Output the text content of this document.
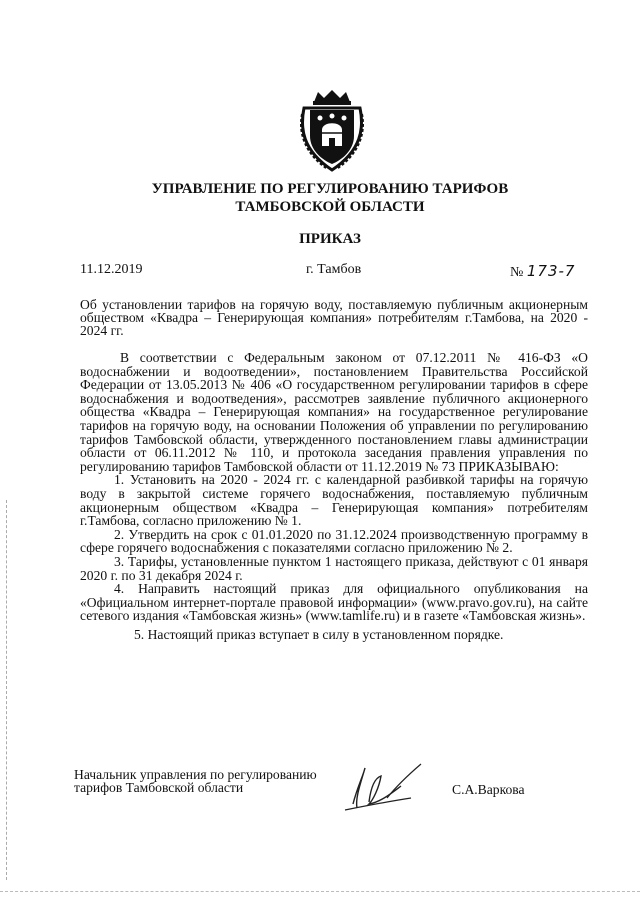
УПРАВЛЕНИЕ ПО РЕГУЛИРОВАНИЮ ТАРИФОВ
ТАМБОВСКОЙ ОБЛАСТИ
ПРИКАЗ
11.12.2019	г. Тамбов	№ 173-7
Об установлении тарифов на горячую воду, поставляемую публичным акционерным обществом «Квадра – Генерирующая компания» потребителям г.Тамбова, на 2020 - 2024 гг.

В соответствии с Федеральным законом от 07.12.2011 № 416-ФЗ «О водоснабжении и водоотведении», постановлением Правительства Российской Федерации от 13.05.2013 № 406 «О государственном регулировании тарифов в сфере водоснабжения и водоотведения», рассмотрев заявление публичного акционерного общества «Квадра – Генерирующая компания» на государственное регулирование тарифов на горячую воду, на основании Положения об управлении по регулированию тарифов Тамбовской области, утвержденного постановлением главы администрации области от 06.11.2012 № 110, и протокола заседания правления управления по регулированию тарифов Тамбовской области от 11.12.2019 № 73 ПРИКАЗЫВАЮ:

1. Установить на 2020 - 2024 гг. с календарной разбивкой тарифы на горячую воду в закрытой системе горячего водоснабжения, поставляемую публичным акционерным обществом «Квадра – Генерирующая компания» потребителям г.Тамбова, согласно приложению № 1.

2. Утвердить на срок с 01.01.2020 по 31.12.2024 производственную программу в сфере горячего водоснабжения с показателями согласно приложению № 2.

3. Тарифы, установленные пунктом 1 настоящего приказа, действуют с 01 января 2020 г. по 31 декабря 2024 г.

4. Направить настоящий приказ для официального опубликования на «Официальном интернет-портале правовой информации» (www.pravo.gov.ru), на сайте сетевого издания «Тамбовская жизнь» (www.tamlife.ru) и в газете «Тамбовская жизнь».

5. Настоящий приказ вступает в силу в установленном порядке.

Начальник управления по регулированию
тарифов Тамбовской области	С.А.Варкова
